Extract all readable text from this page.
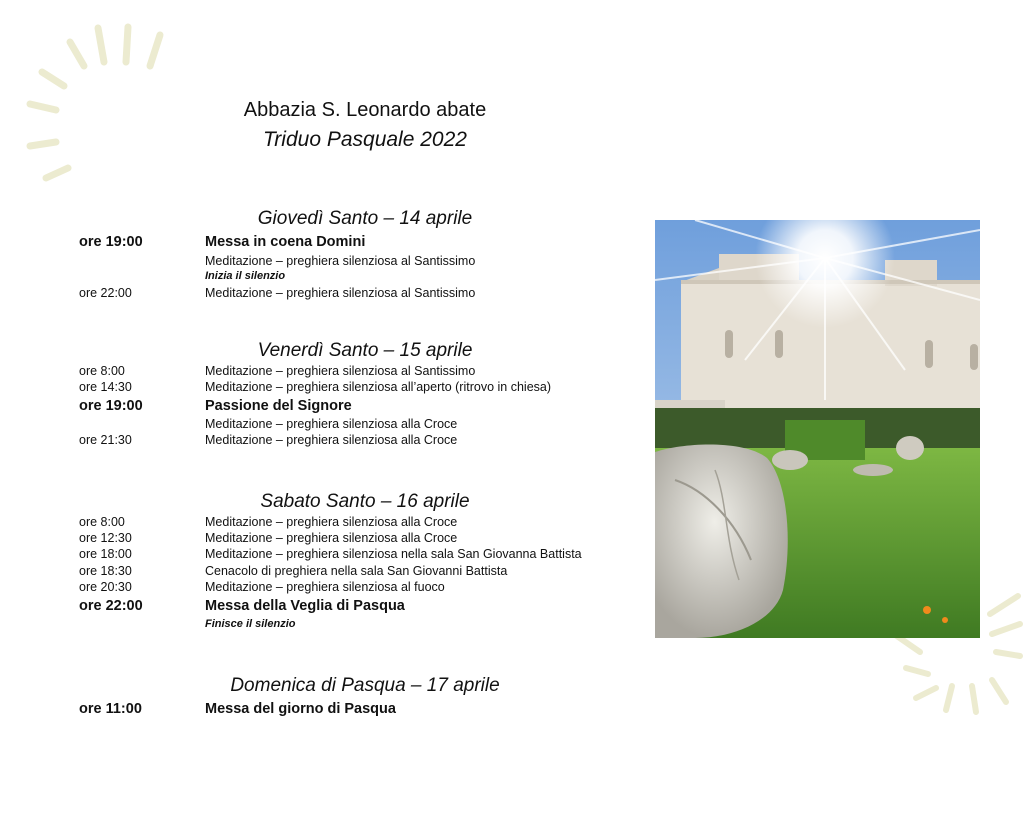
Abbazia S. Leonardo abate
Triduo Pasquale 2022
Giovedì Santo – 14 aprile
ore 19:00	Messa in coena Domini
Meditazione – preghiera silenziosa al Santissimo
Inizia il silenzio
ore 22:00	Meditazione – preghiera silenziosa al Santissimo
Venerdì Santo – 15 aprile
ore 8:00	Meditazione – preghiera silenziosa al Santissimo
ore 14:30	Meditazione – preghiera silenziosa all’aperto (ritrovo in chiesa)
ore 19:00	Passione del Signore
Meditazione – preghiera silenziosa alla Croce
ore 21:30	Meditazione – preghiera silenziosa alla Croce
Sabato Santo – 16 aprile
ore 8:00	Meditazione – preghiera silenziosa alla Croce
ore 12:30	Meditazione – preghiera silenziosa alla Croce
ore 18:00	Meditazione – preghiera silenziosa nella sala San Giovanna Battista
ore 18:30	Cenacolo di preghiera nella sala San Giovanni Battista
ore 20:30	Meditazione – preghiera silenziosa al fuoco
ore 22:00	Messa della Veglia di Pasqua
Finisce il silenzio
Domenica di Pasqua – 17 aprile
ore 11:00	Messa del giorno di Pasqua
